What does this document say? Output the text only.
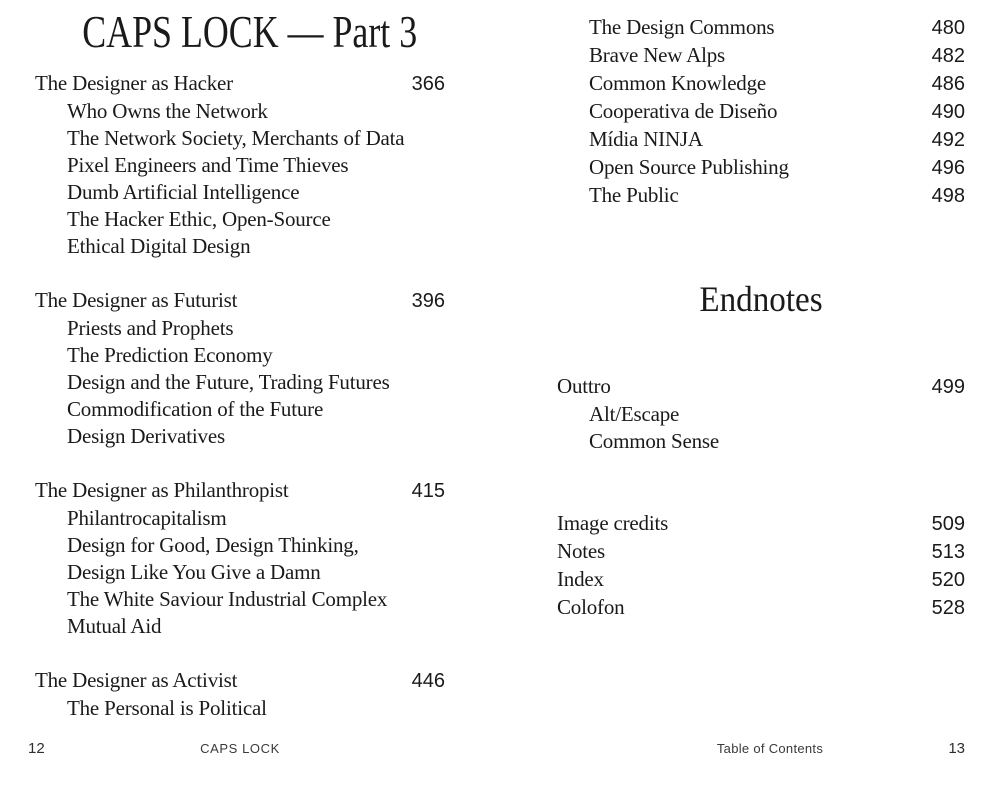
CAPS LOCK — Part 3
The Designer as Hacker	366
Who Owns the Network
The Network Society, Merchants of Data
Pixel Engineers and Time Thieves
Dumb Artificial Intelligence
The Hacker Ethic, Open-Source
Ethical Digital Design
The Designer as Futurist	396
Priests and Prophets
The Prediction Economy
Design and the Future, Trading Futures
Commodification of the Future
Design Derivatives
The Designer as Philanthropist	415
Philantrocapitalism
Design for Good, Design Thinking,
Design Like You Give a Damn
The White Saviour Industrial Complex
Mutual Aid
The Designer as Activist	446
The Personal is Political
The Design Commons	480
Brave New Alps	482
Common Knowledge	486
Cooperativa de Diseño	490
Mídia NINJA	492
Open Source Publishing	496
The Public	498
Endnotes
Outtro	499
Alt/Escape
Common Sense
Image credits	509
Notes	513
Index	520
Colofon	528
12	CAPS LOCK	Table of Contents	13
